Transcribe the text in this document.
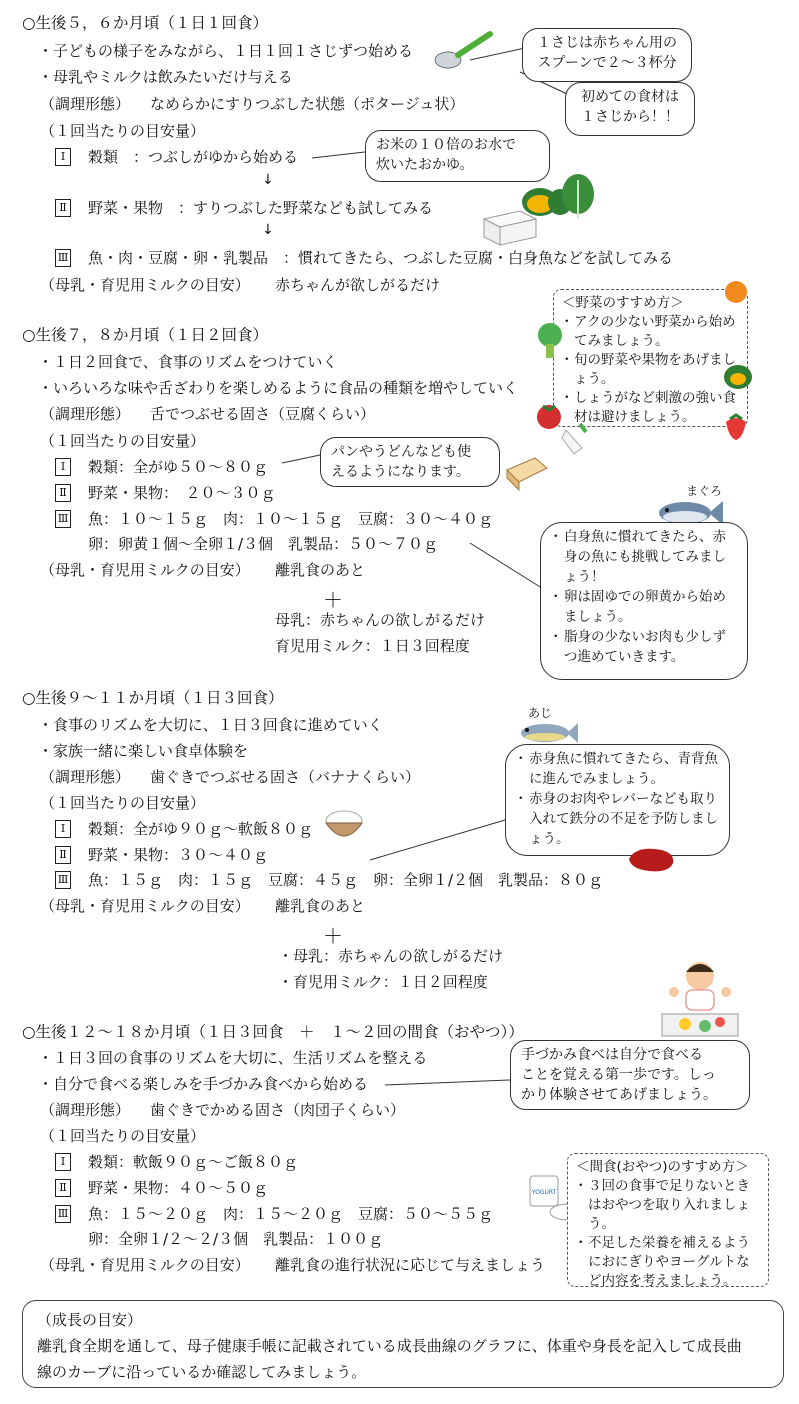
○生後５，６か月頃（１日１回食）
・子どもの様子をみながら、１日１回１さじずつ始める
・母乳やミルクは飲みたいだけ与える
（調理形態） なめらかにすりつぶした状態（ポタージュ状）
（１回当たりの目安量）
Ⅰ	穀類　：つぶしがゆから始める
↓
Ⅱ 野菜・果物　：すりつぶした野菜なども試してみる
↓
Ⅲ 魚・肉・豆腐・卵・乳製品　：慣れてきたら、つぶした豆腐・白身魚などを試してみる
（母乳・育児用ミルクの目安） 赤ちゃんが欲しがるだけ
１さじは赤ちゃん用の
スプーンで２～３杯分
初めての食材は
１さじから！！
お米の１０倍のお水で
炊いたおかゆ。
○生後７，８か月頃（１日２回食）
・１日２回食で、食事のリズムをつけていく
・いろいろな味や舌ざわりを楽しめるように食品の種類を増やしていく
（調理形態） 舌でつぶせる固さ（豆腐くらい）
（１回当たりの目安量）
Ⅰ	穀類：全がゆ５０～８０ｇ
Ⅱ 野菜・果物：　２０～３０ｇ
Ⅲ 魚：１０～１５ｇ　肉：１０～１５ｇ　豆腐：３０～４０ｇ
卵：卵黄１個～全卵１/３個　乳製品：５０～７０ｇ
（母乳・育児用ミルクの目安） 離乳食のあと
＋
母乳：赤ちゃんの欲しがるだけ
育児用ミルク：１日３回程度
＜野菜のすすめ方＞
・ アクの少ない野菜から始めてみましょう。
・ 旬の野菜や果物をあげましょう。
・ しょうがなど刺激の強い食材は避けましょう。
パンやうどんなども使
えるようになります。
まぐろ
・ 白身魚に慣れてきたら、赤身の魚にも挑戦してみましょう！
・ 卵は固ゆでの卵黄から始めましょう。
・ 脂身の少ないお肉も少しずつ進めていきます。
○生後９～１１か月頃（１日３回食）
・食事のリズムを大切に、１日３回食に進めていく
・家族一緒に楽しい食卓体験を
（調理形態） 歯ぐきでつぶせる固さ（バナナくらい）
（１回当たりの目安量）
Ⅰ	穀類：全がゆ９０ｇ～軟飯８０ｇ
Ⅱ 野菜・果物：３０～４０ｇ
Ⅲ 魚：１５ｇ　肉：１５ｇ　豆腐：４５ｇ　卵：全卵１/２個　乳製品：８０ｇ
（母乳・育児用ミルクの目安） 離乳食のあと
＋
・母乳：赤ちゃんの欲しがるだけ
・育児用ミルク：１日２回程度
あじ
・ 赤身魚に慣れてきたら、青背魚に進んでみましょう。
・ 赤身のお肉やレバーなども取り入れて鉄分の不足を予防しましょう。
○生後１２～１８か月頃（１日３回食　＋　１～２回の間食（おやつ））
・１日３回の食事のリズムを大切に、生活リズムを整える
・自分で食べる楽しみを手づかみ食べから始める
（調理形態） 歯ぐきでかめる固さ（肉団子くらい）
（１回当たりの目安量）
Ⅰ	穀類：軟飯９０ｇ～ご飯８０ｇ
Ⅱ 野菜・果物：４０～５０ｇ
Ⅲ 魚：１５～２０ｇ　肉：１５～２０ｇ　豆腐：５０～５５ｇ
卵：全卵１/２～２/３個　乳製品：１００ｇ
（母乳・育児用ミルクの目安） 離乳食の進行状況に応じて与えましょう
手づかみ食べは自分で食べる
ことを覚える第一歩です。しっ
かり体験させてあげましょう。
YOGURT
＜間食(おやつ)のすすめ方＞
・ ３回の食事で足りないときはおやつを取り入れましょう。
・ 不足した栄養を補えるようにおにぎりやヨーグルトなど内容を考えましょう。
（成長の目安）
離乳食全期を通して、母子健康手帳に記載されている成長曲線のグラフに、体重や身長を記入して成長曲
線のカーブに沿っているか確認してみましょう。
